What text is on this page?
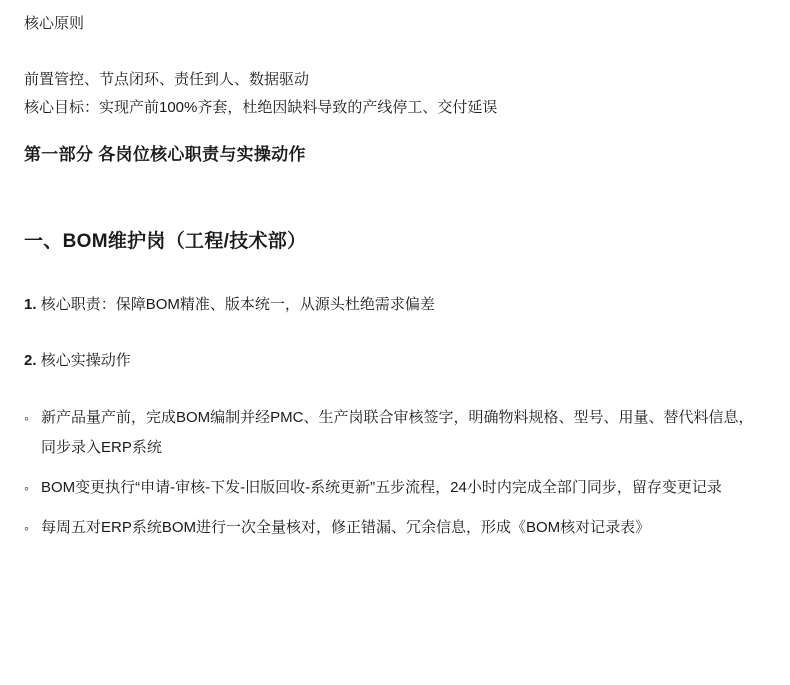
核心原则
前置管控、节点闭环、责任到人、数据驱动
核心目标：实现产前100%齐套，杜绝因缺料导致的产线停工、交付延误
第一部分 各岗位核心职责与实操动作
一、BOM维护岗（工程/技术部）
1. 核心职责：保障BOM精准、版本统一，从源头杜绝需求偏差
2. 核心实操动作
◦ 新产品量产前，完成BOM编制并经PMC、生产岗联合审核签字，明确物料规格、型号、用量、替代料信息，同步录入ERP系统
◦ BOM变更执行“申请-审核-下发-旧版回收-系统更新”五步流程，24小时内完成全部门同步，留存变更记录
◦ 每周五对ERP系统BOM进行一次全量核对，修正错漏、冗余信息，形成《BOM核对记录表》
